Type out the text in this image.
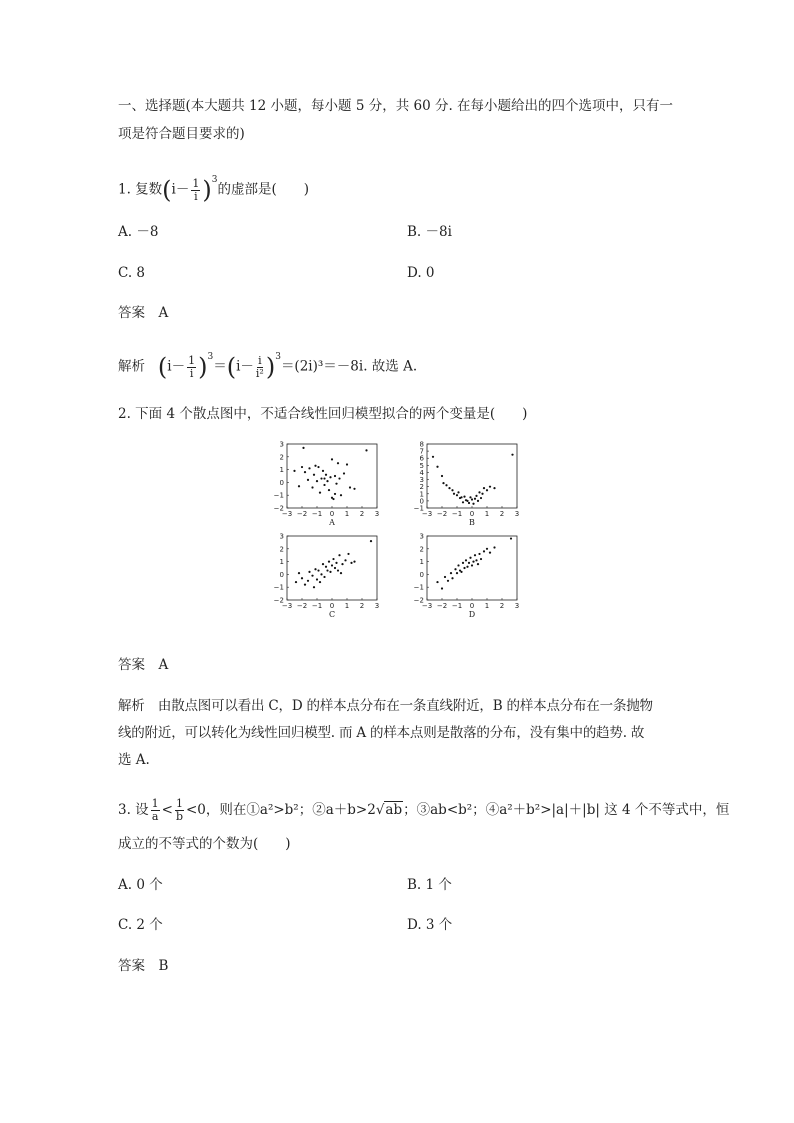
一、选择题(本大题共 12 小题，每小题 5 分，共 60 分. 在每小题给出的四个选项中，只有一
项是符合题目要求的)
1. 复数$(i- \frac{1}{i} )^3$的虚部是(　　)
A. －8	B. －8i
C. 8	D. 0
答案　A
解析 $(i- \frac{1}{i} )^3=(i- \frac{i}{\text{i²}} )^3=(2i)^3=-8i$. 故选 A.
2. 下面 4 个散点图中，不适合线性回归模型拟合的两个变量是(　　)
3
2
1
0
−1
−2
−3 −2 −1 0 1 2 3
A
8
7
6
5
4
3
2
1
0
−1
−3 −2 −1 0 1 2 3
B
3
2
1
0
−1
−2
−3 −2 −1 0 1 2 3
C
3
2
1
0
−1
−2
−3 −2 −1 0 1 2 3
D
答案　A
解析　由散点图可以看出 C，D 的样本点分布在一条直线附近，B 的样本点分布在一条抛物
线的附近，可以转化为线性回归模型. 而 A 的样本点则是散落的分布，没有集中的趋势. 故
选 A.
3. 设 $\frac{1}{a} < \frac{1}{b} <0$，则在①a²>b²；②a＋b>2√ab；③ab<b²；④a²＋b²>|a|＋|b| 这 4 个不等式中，恒
成立的不等式的个数为(　　)
A. 0 个	B. 1 个
C. 2 个	D. 3 个
答案　B
